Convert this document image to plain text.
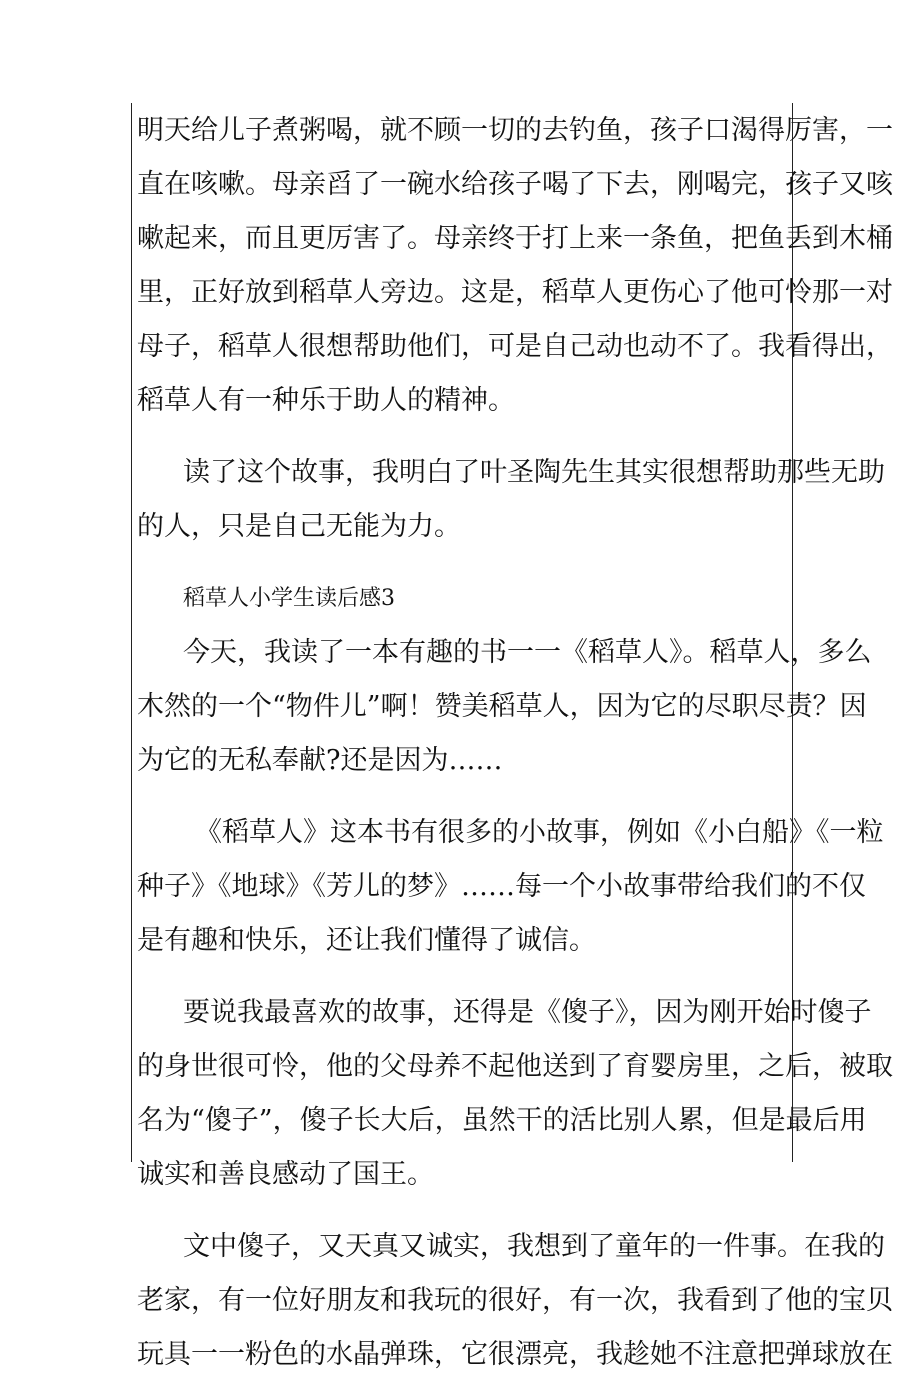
明天给儿子煮粥喝，就不顾一切的去钓鱼，孩子口渴得厉害，一
直在咳嗽。母亲舀了一碗水给孩子喝了下去，刚喝完，孩子又咳
嗽起来，而且更厉害了。母亲终于打上来一条鱼，把鱼丢到木桶
里，正好放到稻草人旁边。这是，稻草人更伤心了他可怜那一对
母子，稻草人很想帮助他们，可是自己动也动不了。我看得出，
稻草人有一种乐于助人的精神。
读了这个故事，我明白了叶圣陶先生其实很想帮助那些无助
的人，只是自己无能为力。
稻草人小学生读后感3
今天，我读了一本有趣的书一一《稻草人》。稻草人，多么
木然的一个“物件儿”啊！赞美稻草人，因为它的尽职尽责？因
为它的无私奉献?还是因为……
《稻草人》这本书有很多的小故事，例如《小白船》《一粒
种子》《地球》《芳儿的梦》……每一个小故事带给我们的不仅
是有趣和快乐，还让我们懂得了诚信。
要说我最喜欢的故事，还得是《傻子》，因为刚开始时傻子
的身世很可怜，他的父母养不起他送到了育婴房里，之后，被取
名为“傻子”，傻子长大后，虽然干的活比别人累，但是最后用
诚实和善良感动了国王。
文中傻子，又天真又诚实，我想到了童年的一件事。在我的
老家，有一位好朋友和我玩的很好，有一次，我看到了他的宝贝
玩具一一粉色的水晶弹珠，它很漂亮，我趁她不注意把弹球放在
